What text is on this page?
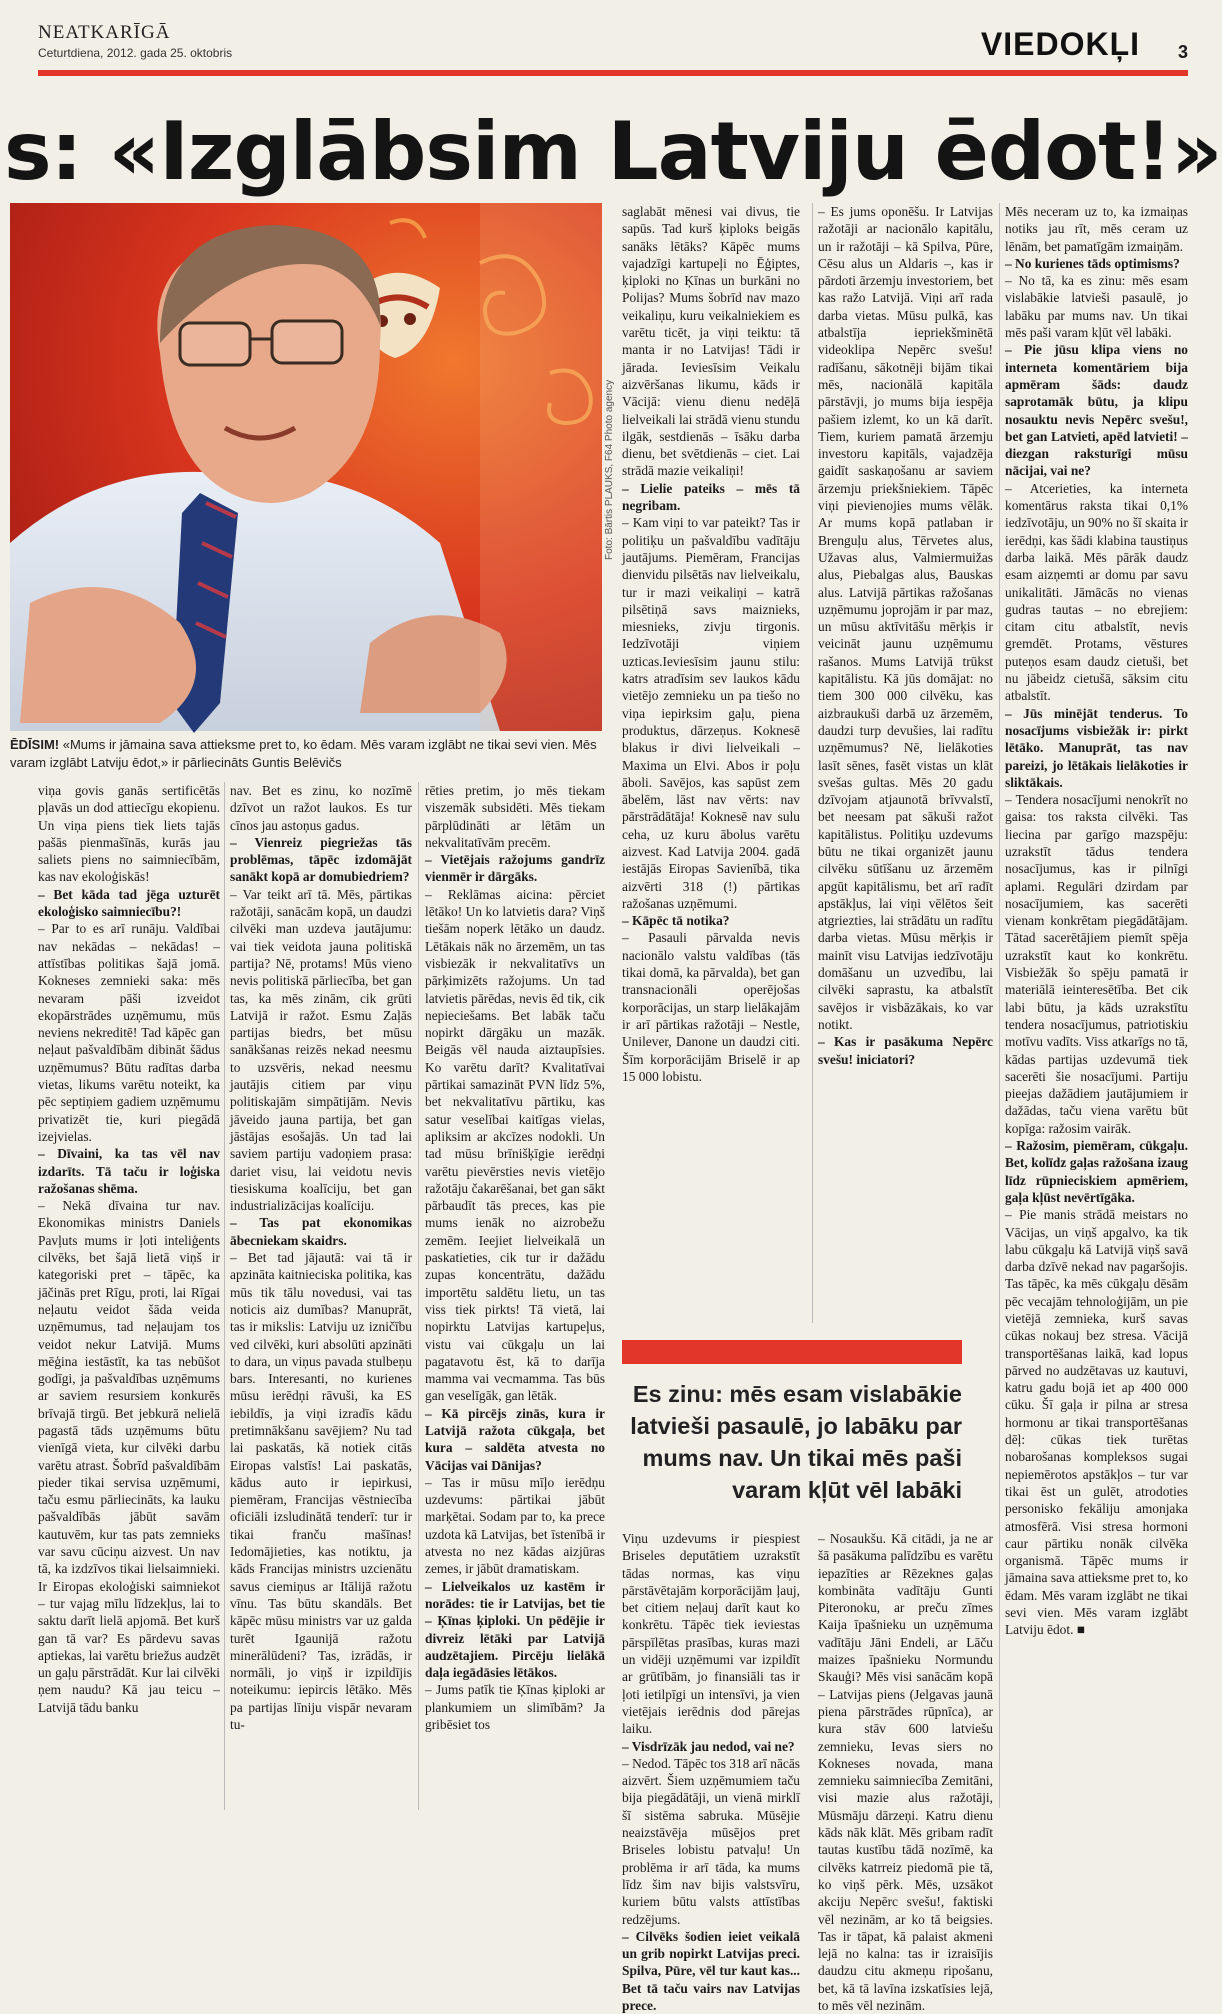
NEATKARĪGĀ
Ceturtdiena, 2012. gada 25. oktobris	VIEDOKĻI 3
s: «Izglābsim Latviju ēdot!»
Foto: Bārtis PLAUKS, F64 Photo agency
ĒDĪSIM! «Mums ir jāmaina sava attieksme pret to, ko ēdam. Mēs varam izglābt ne tikai sevi vien. Mēs varam izglābt Latviju ēdot,» ir pārliecināts Guntis Belēvičs

viņa govis ganās sertificētās pļavās un dod attiecīgu ekopienu. Un viņa piens tiek liets tajās pašās pienmašīnās, kurās jau saliets piens no saimniecībām, kas nav ekoloģiskās!

– Bet kāda tad jēga uzturēt ekoloģisko saimniecību?!

– Par to es arī runāju. Valdībai nav nekādas – nekādas! – attīstības politikas šajā jomā. Kokneses zemnieki saka: mēs nevaram pāši izveidot ekopārstrādes uzņēmumu, mūs neviens nekreditē! Tad kāpēc gan neļaut pašvaldībām dibināt šādus uzņēmumus? Būtu radītas darba vietas, likums varētu noteikt, ka pēc septiņiem gadiem uzņēmumu privatizēt tie, kuri piegādā izejvielas.

– Dīvaini, ka tas vēl nav izdarīts. Tā taču ir loģiska ražošanas shēma.

– Nekā dīvaina tur nav. Ekonomikas ministrs Daniels Pavļuts mums ir ļoti inteliģents cilvēks, bet šajā lietā viņš ir kategoriski pret – tāpēc, ka jāčinās pret Rīgu, proti, lai Rīgai neļautu veidot šāda veida uzņēmumus, tad neļaujam tos veidot nekur Latvijā. Mums mēģina iestāstīt, ka tas nebūšot godīgi, ja pašvaldības uzņēmums ar saviem resursiem konkurēs brīvajā tirgū. Bet jebkurā nelielā pagastā tāds uzņēmums būtu vienīgā vieta, kur cilvēki darbu varētu atrast. Šobrīd pašvaldībām pieder tikai servisa uzņēmumi, taču esmu pārliecināts, ka lauku pašvaldībās jābūt savām kautuvēm, kur tas pats zemnieks var savu cūciņu aizvest. Un nav tā, ka izdzīvos tikai lielsaimnieki. Ir Eiropas ekoloģiski saimniekot – tur vajag mīlu līdzekļus, lai to saktu darīt lielā apjomā. Bet kurš gan tā var? Es pārdevu savas aptiekas, lai varētu briežus audzēt un gaļu pārstrādāt. Kur lai cilvēki ņem naudu? Kā jau teicu – Latvijā tādu banku

nav. Bet es zinu, ko nozīmē dzīvot un ražot laukos. Es tur cīnos jau astoņus gadus.

– Vienreiz piegriežas tās problēmas, tāpēc izdomājāt sanākt kopā ar domubiedriem?

– Var teikt arī tā. Mēs, pārtikas ražotāji, sanācām kopā, un daudzi cilvēki man uzdeva jautājumu: vai tiek veidota jauna politiskā partija? Nē, protams! Mūs vieno nevis politiskā pārliecība, bet gan tas, ka mēs zinām, cik grūti Latvijā ir ražot. Esmu Zaļās partijas biedrs, bet mūsu sanākšanas reizēs nekad neesmu to uzsvēris, nekad neesmu jautājis citiem par viņu politiskajām simpātijām. Nevis jāveido jauna partija, bet gan jāstājas esošajās. Un tad lai saviem partiju vadoņiem prasa: dariet visu, lai veidotu nevis tiesiskuma koalīciju, bet gan industrializācijas koalīciju.

– Tas pat ekonomikas ābecniekam skaidrs.

– Bet tad jājautā: vai tā ir apzināta kaitnieciska politika, kas mūs tik tālu novedusi, vai tas noticis aiz dumības? Manuprāt, tas ir mikslis: Latviju uz izničību ved cilvēki, kuri absolūti apzināti to dara, un viņus pavada stulbeņu bars. Interesanti, no kurienes mūsu ierēdņi rāvuši, ka ES iebildīs, ja viņi izradīs kādu pretimnākšanu savējiem? Nu tad lai paskatās, kā notiek citās Eiropas valstīs! Lai paskatās, kādus auto ir iepirkusi, piemēram, Francijas vēstniecība oficiāli izsludinātā tenderī: tur ir tikai franču mašīnas! Iedomājieties, kas notiktu, ja kāds Francijas ministrs uzcienātu savus ciemiņus ar Itālijā ražotu vīnu. Tas būtu skandāls. Bet kāpēc mūsu ministrs var uz galda turēt Igaunijā ražotu minerālūdeni? Tas, izrādās, ir normāli, jo viņš ir izpildījis noteikumu: iepircis lētāko. Mēs pa partijas līniju vispār nevaram tu-

saglabāt mēnesi vai divus, tie sapūs. Tad kurš ķiploks beigās sanāks lētāks? Kāpēc mums vajadzīgi kartupeļi no Ēģiptes, ķiploki no Ķīnas un burkāni no Polijas? Mums šobrīd nav mazo veikaliņu, kuru veikalniekiem es varētu ticēt, ja viņi teiktu: tā manta ir no Latvijas! Tādi ir jārada. Ieviesīsim Veikalu aizvēršanas likumu, kāds ir Vācijā: vienu dienu nedēļā lielveikali lai strādā vienu stundu ilgāk, sestdienās – īsāku darba dienu, bet svētdienās – ciet. Lai strādā mazie veikaliņi!

– Lielie pateiks – mēs tā negribam.

– Kam viņi to var pateikt? Tas ir politiķu un pašvaldību vadītāju jautājums. Piemēram, Francijas dienvidu pilsētās nav lielveikalu, tur ir mazi veikaliņi – katrā pilsētiņā savs maiznieks, miesnieks, zivju tirgonis. Iedzīvotāji viņiem uzticas.Ieviesīsim jaunu stilu: katrs atradīsim sev laukos kādu vietējo zemnieku un pa tiešo no viņa iepirksim gaļu, piena produktus, dārzeņus. Koknesē blakus ir divi lielveikali – Maxima un Elvi. Abos ir poļu āboli. Savējos, kas sapūst zem ābelēm, lāst nav vērts: nav pārstrādātāja! Koknesē nav sulu ceha, uz kuru ābolus varētu aizvest. Kad Latvija 2004. gadā iestājās Eiropas Savienībā, tika aizvērti 318 (!) pārtikas ražošanas uzņēmumi.

– Kāpēc tā notika?

– Pasauli pārvalda nevis nacionālo valstu valdības (tās tikai domā, ka pārvalda), bet gan transnacionāli operējošas korporācijas, un starp lielākajām ir arī pārtikas ražotāji – Nestle, Unilever, Danone un daudzi citi. Šīm korporācijām Briselē ir ap 15 000 lobistu.

rēties pretim, jo mēs tiekam viszemāk subsidēti. Mēs tiekam pārplūdināti ar lētām un nekvalitatīvām precēm.

– Vietējais ražojums gandrīz vienmēr ir dārgāks.

– Reklāmas aicina: pērciet lētāko! Un ko latvietis dara? Viņš tiešām noperk lētāko un daudz. Lētākais nāk no ārzemēm, un tas visbiezāk ir nekvalitatīvs un pārķimizēts ražojums. Un tad latvietis pārēdas, nevis ēd tik, cik nepieciešams. Bet labāk taču nopirkt dārgāku un mazāk. Beigās vēl nauda aiztaupīsies. Ko varētu darīt? Kvalitatīvai pārtikai samazināt PVN līdz 5%, bet nekvalitatīvu pārtiku, kas satur veselībai kaitīgas vielas, apliksim ar akcīzes nodokli. Un tad mūsu brīnišķīgie ierēdņi varētu pievērsties nevis vietējo ražotāju čakarēšanai, bet gan sākt pārbaudīt tās preces, kas pie mums ienāk no aizrobežu zemēm. Ieejiet lielveikalā un paskatieties, cik tur ir dažādu zupas koncentrātu, dažādu importētu saldētu lietu, un tas viss tiek pirkts! Tā vietā, lai nopirktu Latvijas kartupeļus, vistu vai cūkgaļu un lai pagatavotu ēst, kā to darīja mamma vai vecmamma. Tas būs gan veselīgāk, gan lētāk.

– Kā pircējs zinās, kura ir Latvijā ražota cūkgaļa, bet kura – saldēta atvesta no Vācijas vai Dānijas?

– Tas ir mūsu mīļo ierēdņu uzdevums: pārtikai jābūt marķētai. Sodam par to, ka prece uzdota kā Latvijas, bet īstenībā ir atvesta no nez kādas aizjūras zemes, ir jābūt dramatiskam.

– Lielveikalos uz kastēm ir norādes: tie ir Latvijas, bet tie – Ķīnas ķiploki. Un pēdējie ir divreiz lētāki par Latvijā audzētajiem. Pircēju lielākā daļa iegādāsies lētākos.

– Jums patīk tie Ķīnas ķiploki ar plankumiem un slimībām? Ja gribēsiet tos

– Es jums oponēšu. Ir Latvijas ražotāji ar nacionālo kapitālu, un ir ražotāji – kā Spilva, Pūre, Cēsu alus un Aldaris –, kas ir pārdoti ārzemju investoriem, bet kas ražo Latvijā. Viņi arī rada darba vietas. Mūsu pulkā, kas atbalstīja iepriekšminētā videoklipa Nepērc svešu! radīšanu, sākotnēji bijām tikai mēs, nacionālā kapitāla pārstāvji, jo mums bija iespēja pašiem izlemt, ko un kā darīt. Tiem, kuriem pamatā ārzemju investoru kapitāls, vajadzēja gaidīt saskaņošanu ar saviem ārzemju priekšniekiem. Tāpēc viņi pievienojies mums vēlāk. Ar mums kopā patlaban ir Brenguļu alus, Tērvetes alus, Užavas alus, Valmiermuižas alus, Piebalgas alus, Bauskas alus. Latvijā pārtikas ražošanas uzņēmumu joprojām ir par maz, un mūsu aktīvitāšu mērķis ir veicināt jaunu uzņēmumu rašanos. Mums Latvijā trūkst kapitālistu. Kā jūs domājat: no tiem 300 000 cilvēku, kas aizbraukuši darbā uz ārzemēm, daudzi turp devušies, lai radītu uzņēmumus? Nē, lielākoties lasīt sēnes, fasēt vistas un klāt svešas gultas. Mēs 20 gadu dzīvojam atjaunotā brīvvalstī, bet neesam pat sākuši ražot kapitālistus. Politiķu uzdevums būtu ne tikai organizēt jaunu cilvēku sūtīšanu uz ārzemēm apgūt kapitālismu, bet arī radīt apstākļus, lai viņi vēlētos šeit atgriezties, lai strādātu un radītu darba vietas. Mūsu mērķis ir mainīt visu Latvijas iedzīvotāju domāšanu un uzvedību, lai cilvēki saprastu, ka atbalstīt savējos ir visbāzākais, ko var notikt.

– Kas ir pasākuma Nepērc svešu! iniciatori?

Viņu uzdevums ir piespiest Briseles deputātiem uzrakstīt tādas normas, kas viņu pārstāvētajām korporācijām ļauj, bet citiem neļauj darīt kaut ko konkrētu. Tāpēc tiek ieviestas pārspīlētas prasības, kuras mazi un vidēji uzņēmumi var izpildīt ar grūtībām, jo finansiāli tas ir ļoti ietilpīgi un intensīvi, ja vien vietējais ierēdnis dod pārejas laiku.

– Visdrīzāk jau nedod, vai ne?

– Nedod. Tāpēc tos 318 arī nācās aizvērt. Šiem uzņēmumiem taču bija piegādātāji, un vienā mirklī šī sistēma sabruka. Mūsējie neaizstāvēja mūsējos pret Briseles lobistu patvaļu! Un problēma ir arī tāda, ka mums līdz šim nav bijis valstsvīru, kuriem būtu valsts attīstības redzējums.

– Cilvēks šodien ieiet veikalā un grib nopirkt Latvijas preci. Spilva, Pūre, vēl tur kaut kas... Bet tā taču vairs nav Latvijas prece.

– Nosaukšu. Kā citādi, ja ne ar šā pasākuma palīdzību es varētu iepazīties ar Rēzeknes gaļas kombināta vadītāju Gunti Piteronoku, ar preču zīmes Kaija īpašnieku un uzņēmuma vadītāju Jāni Endeli, ar Lāču maizes īpašnieku Normundu Skauģi? Mēs visi sanācām kopā – Latvijas piens (Jelgavas jaunā piena pārstrādes rūpnīca), ar kura stāv 600 latviešu zemnieku, Ievas siers no Kokneses novada, mana zemnieku saimniecība Zemitāni, visi mazie alus ražotāji, Mūsmāju dārzeņi. Katru dienu kāds nāk klāt. Mēs gribam radīt tautas kustību tādā nozīmē, ka cilvēks katrreiz piedomā pie tā, ko viņš pērk. Mēs, uzsākot akciju Nepērc svešu!, faktiski vēl nezinām, ar ko tā beigsies. Tas ir tāpat, kā palaist akmeni lejā no kalna: tas ir izraisījis daudzu citu akmeņu ripošanu, bet, kā tā lavīna izskatīsies lejā, to mēs vēl nezinām.

Mēs neceram uz to, ka izmaiņas notiks jau rīt, mēs ceram uz lēnām, bet pamatīgām izmaiņām.

– No kurienes tāds optimisms?

– No tā, ka es zinu: mēs esam vislabākie latvieši pasaulē, jo labāku par mums nav. Un tikai mēs paši varam kļūt vēl labāki.

– Pie jūsu klipa viens no interneta komentāriem bija apmēram šāds: daudz saprotamāk būtu, ja klipu nosauktu nevis Nepērc svešu!, bet gan Latvieti, apēd latvieti! – diezgan raksturīgi mūsu nācijai, vai ne?

– Atcerieties, ka interneta komentārus raksta tikai 0,1% iedzīvotāju, un 90% no šī skaita ir ierēdņi, kas šādi klabina taustiņus darba laikā. Mēs pārāk daudz esam aizņemti ar domu par savu unikalitāti. Jāmācās no vienas gudras tautas – no ebrejiem: citam citu atbalstīt, nevis gremdēt. Protams, vēstures puteņos esam daudz cietuši, bet nu jābeidz cietušā, sāksim citu atbalstīt.

– Jūs minējāt tenderus. To nosacījums visbiežāk ir: pirkt lētāko. Manuprāt, tas nav pareizi, jo lētākais lielākoties ir sliktākais.

– Tendera nosacījumi nenokrīt no gaisa: tos raksta cilvēki. Tas liecina par garīgo mazspēju: uzrakstīt tādus tendera nosacījumus, kas ir pilnīgi aplami. Regulāri dzirdam par nosacījumiem, kas sacerēti vienam konkrētam piegādātājam. Tātad sacerētājiem piemīt spēja uzrakstīt kaut ko konkrētu. Visbiežāk šo spēju pamatā ir materiālā ieinteresētība. Bet cik labi būtu, ja kāds uzrakstītu tendera nosacījumus, patriotiskiu motīvu vadīts. Viss atkarīgs no tā, kādas partijas uzdevumā tiek sacerēti šie nosacījumi. Partiju pieejas dažādiem jautājumiem ir dažādas, taču viena varētu būt kopīga: ražosim vairāk.

– Ražosim, piemēram, cūkgaļu. Bet, kolīdz gaļas ražošana izaug līdz rūpnieciskiem apmēriem, gaļa kļūst nevērtīgāka.

– Pie manis strādā meistars no Vācijas, un viņš apgalvo, ka tik labu cūkgaļu kā Latvijā viņš savā darba dzīvē nekad nav pagaršojis. Tas tāpēc, ka mēs cūkgaļu dēsām pēc vecajām tehnoloģijām, un pie vietējā zemnieka, kurš savas cūkas nokauj bez stresa. Vācijā transportēšanas laikā, kad lopus pārved no audzētavas uz kautuvi, katru gadu bojā iet ap 400 000 cūku. Šī gaļa ir pilna ar stresa hormonu ar tikai transportēšanas dēļ: cūkas tiek turētas nobarošanas kompleksos sugai nepiemērotos apstākļos – tur var tikai ēst un gulēt, atrodoties personisko fekāliju amonjaka atmosfērā. Visi stresa hormoni caur pārtiku nonāk cilvēka organismā. Tāpēc mums ir jāmaina sava attieksme pret to, ko ēdam. Mēs varam izglābt ne tikai sevi vien. Mēs varam izglābt Latviju ēdot. ■

Es zinu: mēs esam vislabākie latvieši pasaulē, jo labāku par mums nav. Un tikai mēs paši varam kļūt vēl labāki
